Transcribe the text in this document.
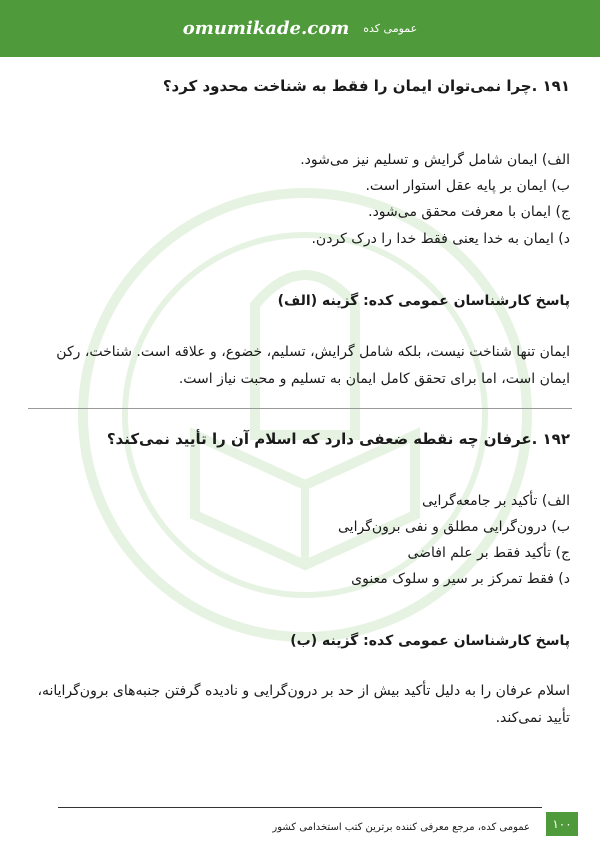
omumikade.com عمومی کده
۱۹۱ .چرا نمی‌توان ایمان را فقط به شناخت محدود کرد؟
الف) ایمان شامل گرایش و تسلیم نیز می‌شود.
ب) ایمان بر پایه عقل استوار است.
ج) ایمان با معرفت محقق می‌شود.
د) ایمان به خدا یعنی فقط خدا را درک کردن.
پاسخ کارشناسان عمومی کده: گزینه (الف)
ایمان تنها شناخت نیست، بلکه شامل گرایش، تسلیم، خضوع، و علاقه است. شناخت، رکن ایمان است، اما برای تحقق کامل ایمان به تسلیم و محبت نیاز است.
۱۹۲ .عرفان چه نقطه ضعفی دارد که اسلام آن را تأیید نمی‌کند؟
الف) تأکید بر جامعه‌گرایی
ب) درون‌گرایی مطلق و نفی برون‌گرایی
ج) تأکید فقط بر علم افاضی
د) فقط تمرکز بر سیر و سلوک معنوی
پاسخ کارشناسان عمومی کده: گزینه (ب)
اسلام عرفان را به دلیل تأکید بیش از حد بر درون‌گرایی و نادیده گرفتن جنبه‌های برون‌گرایانه، تأیید نمی‌کند.
عمومی کده، مرجع معرفی کننده برترین کتب استخدامی کشور	۱۰۰
